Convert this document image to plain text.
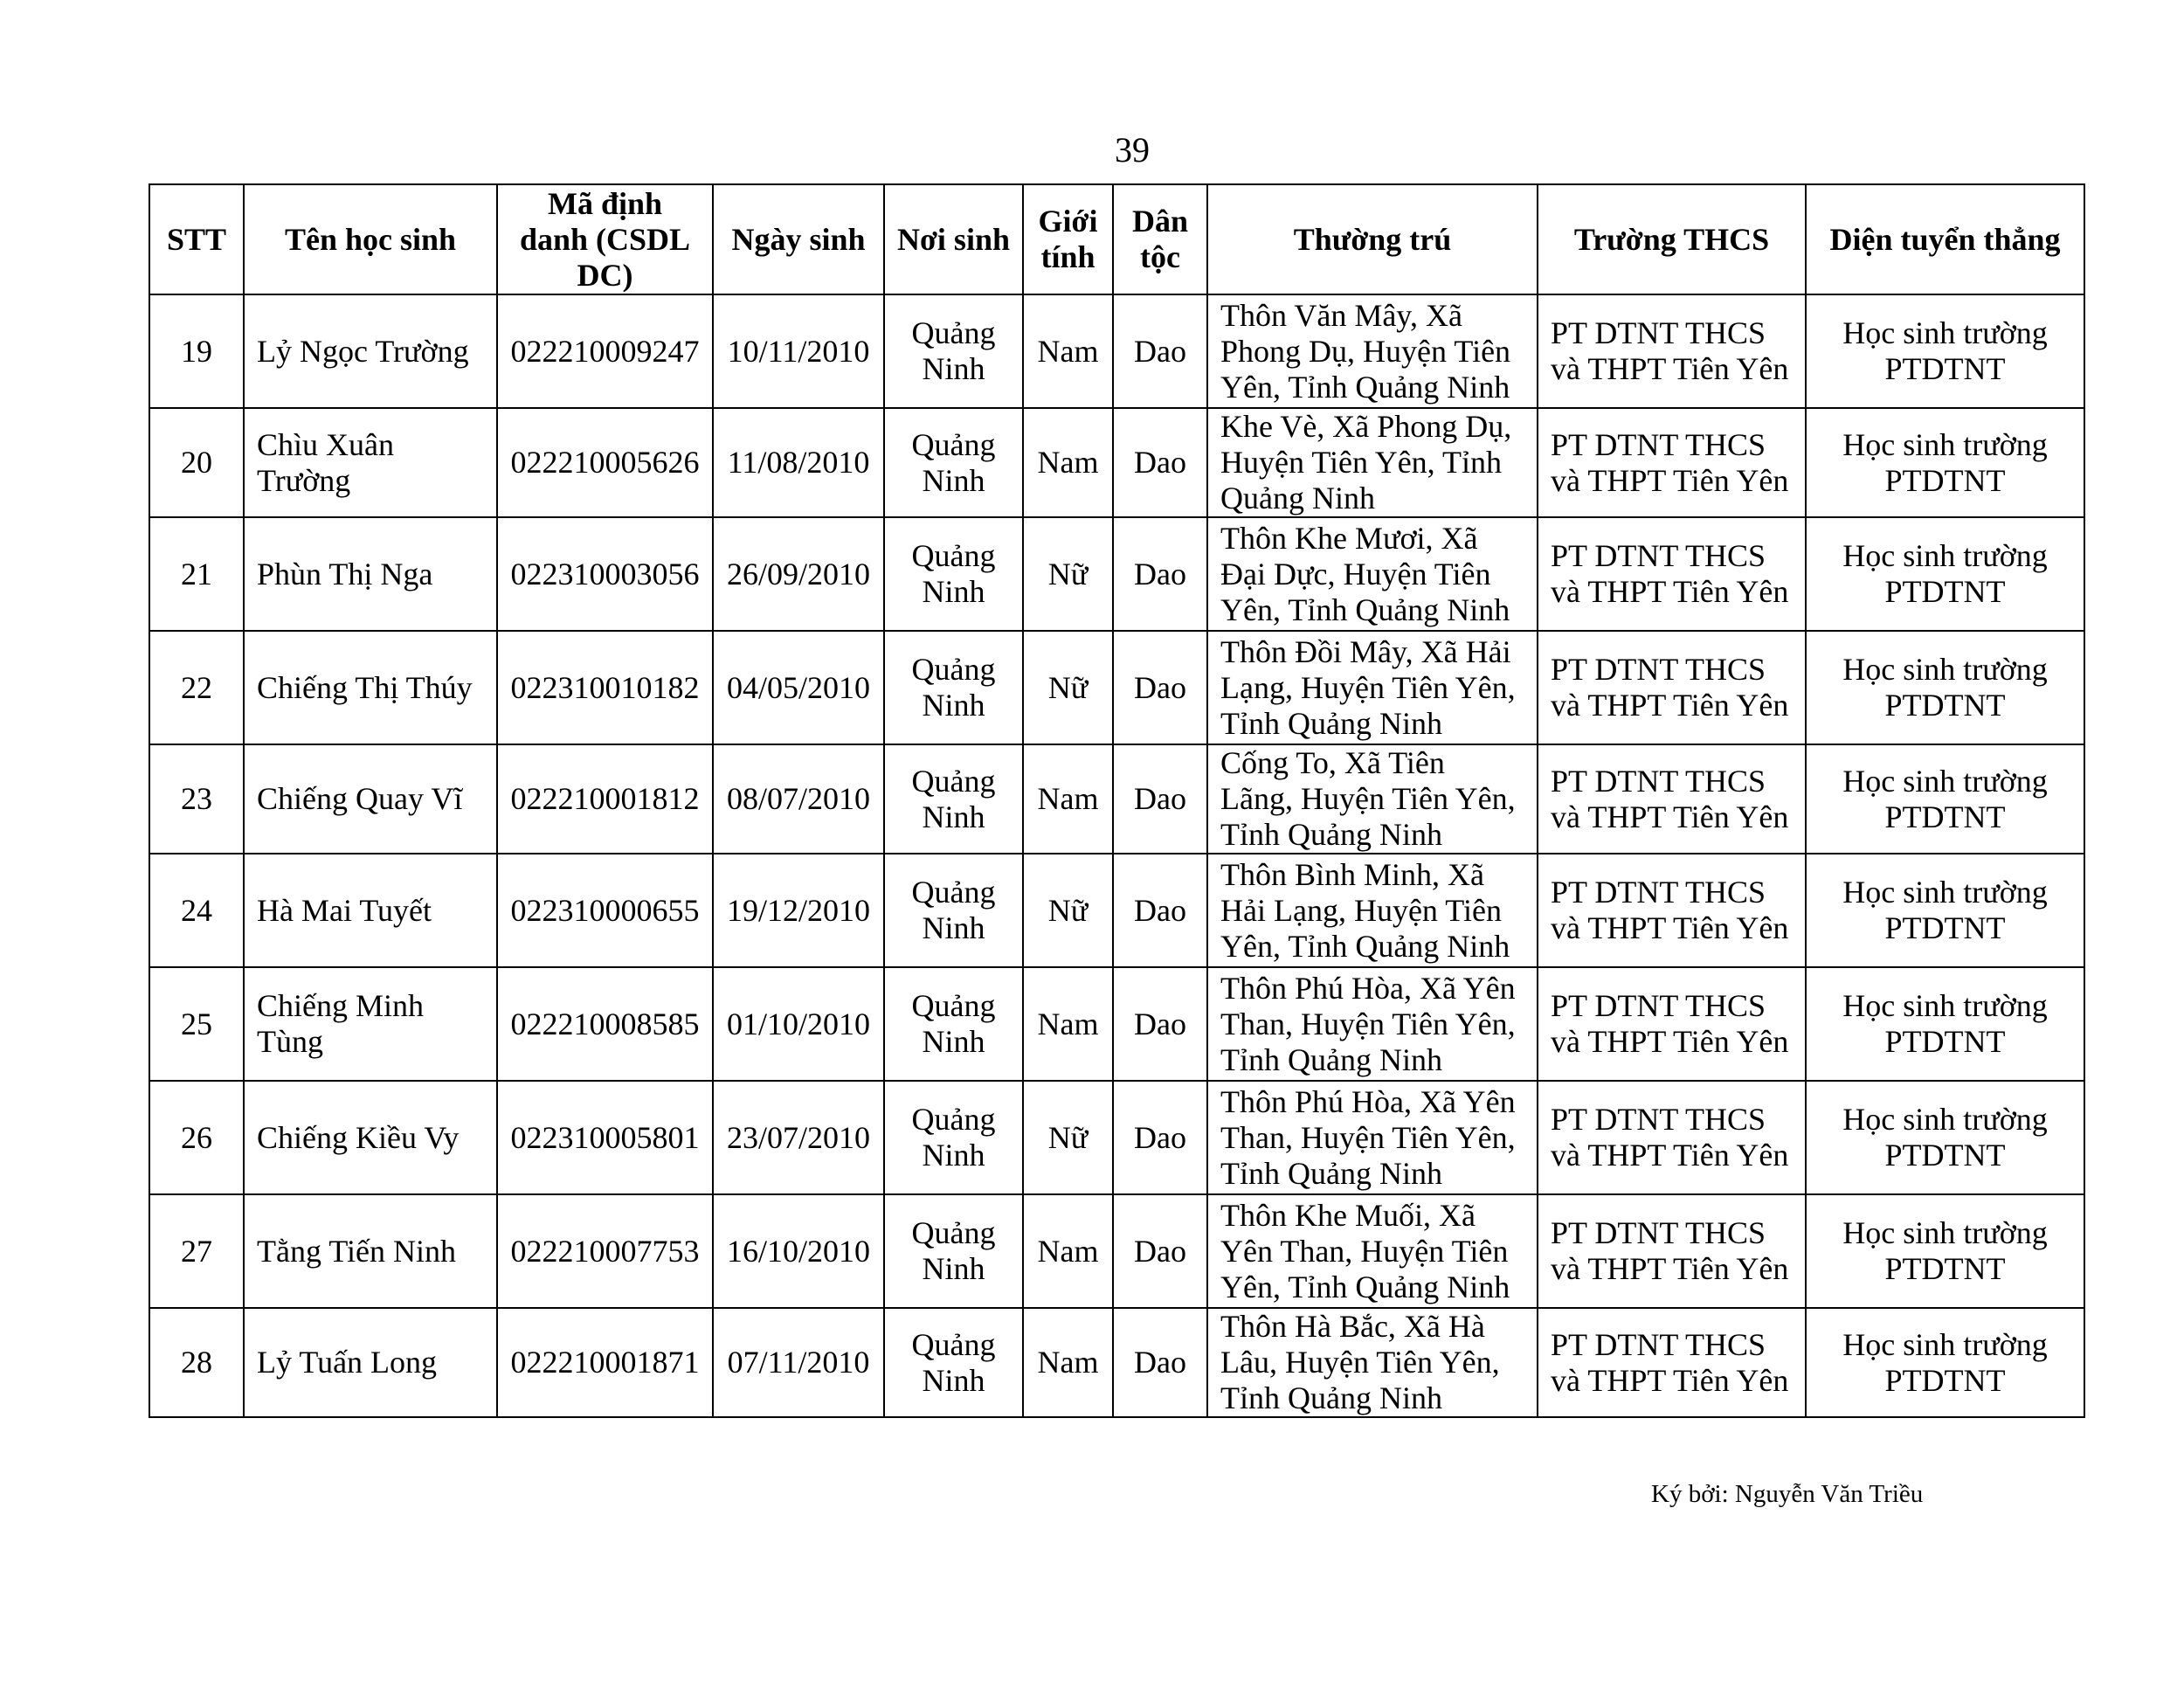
39
STT	Tên học sinh	Mã định danh (CSDL DC)	Ngày sinh	Nơi sinh	Giới tính	Dân tộc	Thường trú	Trường THCS	Diện tuyển thẳng
19	Lỷ Ngọc Trường	022210009247	10/11/2010	Quảng Ninh	Nam	Dao	Thôn Văn Mây, Xã Phong Dụ, Huyện Tiên Yên, Tỉnh Quảng Ninh	PT DTNT THCS và THPT Tiên Yên	Học sinh trường PTDTNT
20	Chìu Xuân Trường	022210005626	11/08/2010	Quảng Ninh	Nam	Dao	Khe Vè, Xã Phong Dụ, Huyện Tiên Yên, Tỉnh Quảng Ninh	PT DTNT THCS và THPT Tiên Yên	Học sinh trường PTDTNT
21	Phùn Thị Nga	022310003056	26/09/2010	Quảng Ninh	Nữ	Dao	Thôn Khe Mươi, Xã Đại Dực, Huyện Tiên Yên, Tỉnh Quảng Ninh	PT DTNT THCS và THPT Tiên Yên	Học sinh trường PTDTNT
22	Chiếng Thị Thúy	022310010182	04/05/2010	Quảng Ninh	Nữ	Dao	Thôn Đồi Mây, Xã Hải Lạng, Huyện Tiên Yên, Tỉnh Quảng Ninh	PT DTNT THCS và THPT Tiên Yên	Học sinh trường PTDTNT
23	Chiếng Quay Vĩ	022210001812	08/07/2010	Quảng Ninh	Nam	Dao	Cống To, Xã Tiên Lãng, Huyện Tiên Yên, Tỉnh Quảng Ninh	PT DTNT THCS và THPT Tiên Yên	Học sinh trường PTDTNT
24	Hà Mai Tuyết	022310000655	19/12/2010	Quảng Ninh	Nữ	Dao	Thôn Bình Minh, Xã Hải Lạng, Huyện Tiên Yên, Tỉnh Quảng Ninh	PT DTNT THCS và THPT Tiên Yên	Học sinh trường PTDTNT
25	Chiếng Minh Tùng	022210008585	01/10/2010	Quảng Ninh	Nam	Dao	Thôn Phú Hòa, Xã Yên Than, Huyện Tiên Yên, Tỉnh Quảng Ninh	PT DTNT THCS và THPT Tiên Yên	Học sinh trường PTDTNT
26	Chiếng Kiều Vy	022310005801	23/07/2010	Quảng Ninh	Nữ	Dao	Thôn Phú Hòa, Xã Yên Than, Huyện Tiên Yên, Tỉnh Quảng Ninh	PT DTNT THCS và THPT Tiên Yên	Học sinh trường PTDTNT
27	Tằng Tiến Ninh	022210007753	16/10/2010	Quảng Ninh	Nam	Dao	Thôn Khe Muối, Xã Yên Than, Huyện Tiên Yên, Tỉnh Quảng Ninh	PT DTNT THCS và THPT Tiên Yên	Học sinh trường PTDTNT
28	Lỷ Tuấn Long	022210001871	07/11/2010	Quảng Ninh	Nam	Dao	Thôn Hà Bắc, Xã Hà Lâu, Huyện Tiên Yên, Tỉnh Quảng Ninh	PT DTNT THCS và THPT Tiên Yên	Học sinh trường PTDTNT
Ký bởi: Nguyễn Văn Triều
